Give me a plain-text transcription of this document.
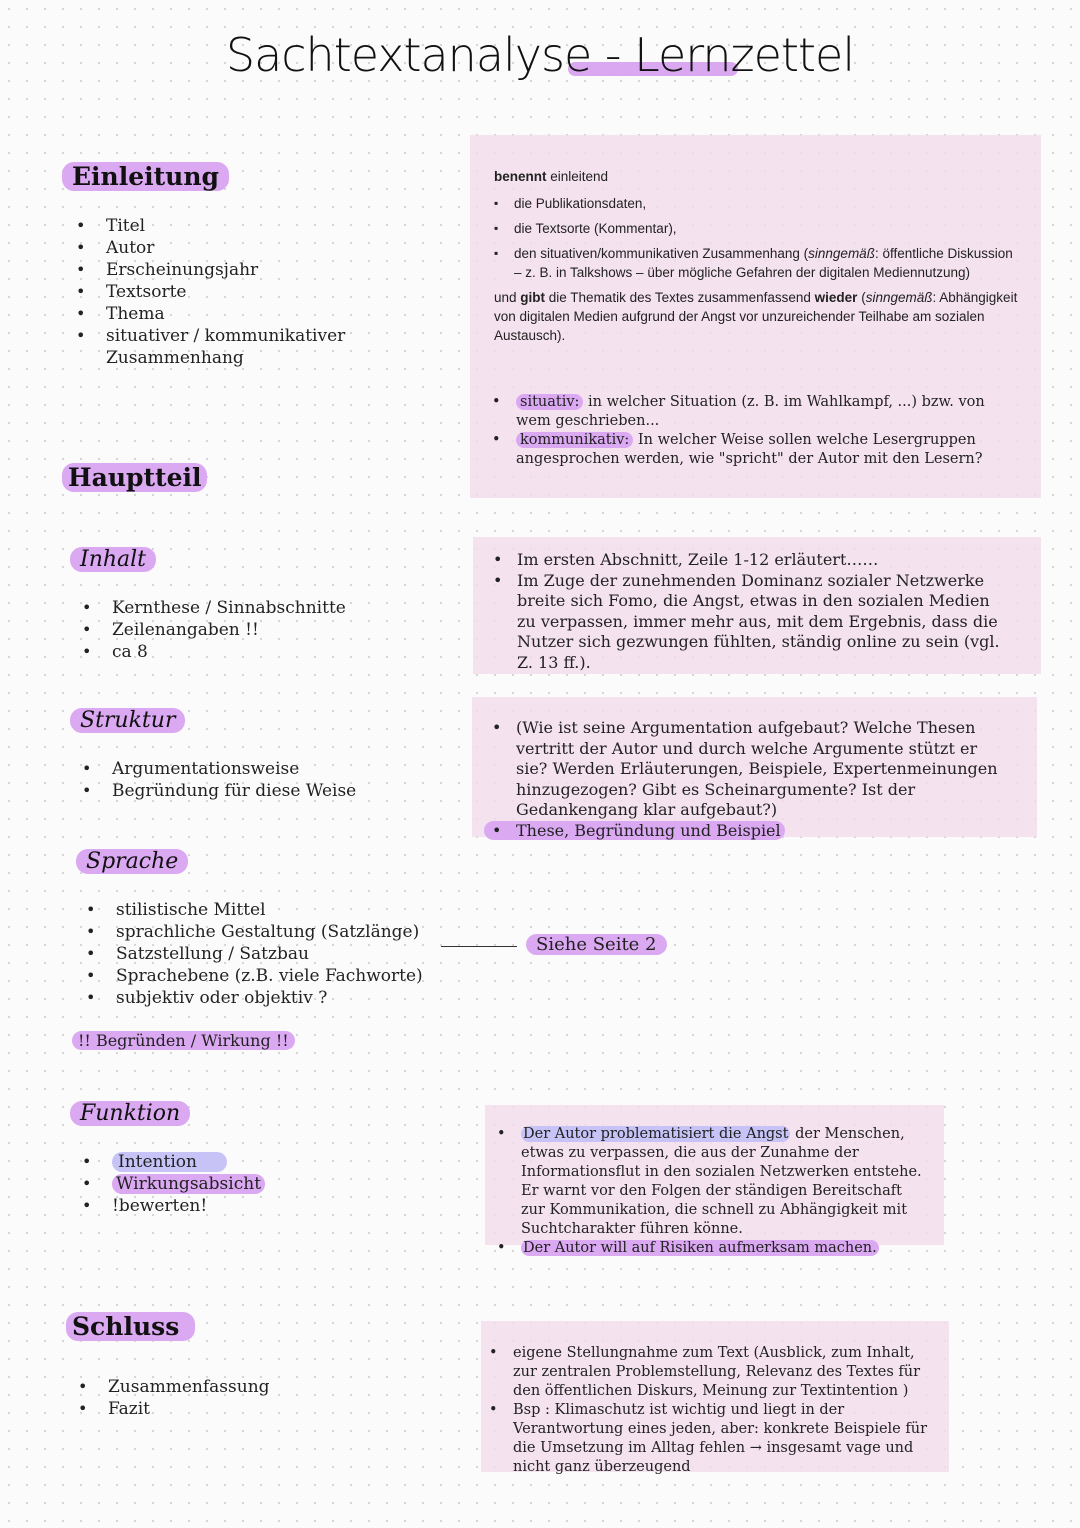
Sachtextanalyse - Lernzettel
Einleitung
• Titel
• Autor
• Erscheinungsjahr
• Textsorte
• Thema
• situativer / kommunikativer Zusammenhang
benennt einleitend
▪ die Publikationsdaten,
▪ die Textsorte (Kommentar),
▪ den situativen/kommunikativen Zusammenhang (sinngemäß: öffentliche Diskussion – z. B. in Talkshows – über mögliche Gefahren der digitalen Mediennutzung)
und gibt die Thematik des Textes zusammenfassend wieder (sinngemäß: Abhängigkeit von digitalen Medien aufgrund der Angst vor unzureichender Teilhabe am sozialen Austausch).
• situativ: in welcher Situation (z. B. im Wahlkampf, ...) bzw. von wem geschrieben...
• kommunikativ: In welcher Weise sollen welche Lesergruppen angesprochen werden, wie "spricht" der Autor mit den Lesern?
Hauptteil
Inhalt
• Kernthese / Sinnabschnitte
• Zeilenangaben !!
• ca 8
• Im ersten Abschnitt, Zeile 1-12 erläutert……
• Im Zuge der zunehmenden Dominanz sozialer Netzwerke breite sich Fomo, die Angst, etwas in den sozialen Medien zu verpassen, immer mehr aus, mit dem Ergebnis, dass die Nutzer sich gezwungen fühlten, ständig online zu sein (vgl. Z. 13 ff.).
Struktur
• Argumentationsweise
• Begründung für diese Weise
• (Wie ist seine Argumentation aufgebaut? Welche Thesen vertritt der Autor und durch welche Argumente stützt er sie? Werden Erläuterungen, Beispiele, Expertenmeinungen hinzugezogen? Gibt es Scheinargumente? Ist der Gedankengang klar aufgebaut?)
• These, Begründung und Beispiel
Sprache
• stilistische Mittel
• sprachliche Gestaltung (Satzlänge)
• Satzstellung / Satzbau
• Sprachebene (z.B. viele Fachworte)
• subjektiv oder objektiv ?
Siehe Seite 2
!! Begründen / Wirkung !!
Funktion
• Intention
• Wirkungsabsicht
• !bewerten!
• Der Autor problematisiert die Angst der Menschen, etwas zu verpassen, die aus der Zunahme der Informationsflut in den sozialen Netzwerken entstehe. Er warnt vor den Folgen der ständigen Bereitschaft zur Kommunikation, die schnell zu Abhängigkeit mit Suchtcharakter führen könne.
• Der Autor will auf Risiken aufmerksam machen.
Schluss
• Zusammenfassung
• Fazit
• eigene Stellungnahme zum Text (Ausblick, zum Inhalt, zur zentralen Problemstellung, Relevanz des Textes für den öffentlichen Diskurs, Meinung zur Textintention )
• Bsp : Klimaschutz ist wichtig und liegt in der Verantwortung eines jeden, aber: konkrete Beispiele für die Umsetzung im Alltag fehlen → insgesamt vage und nicht ganz überzeugend
